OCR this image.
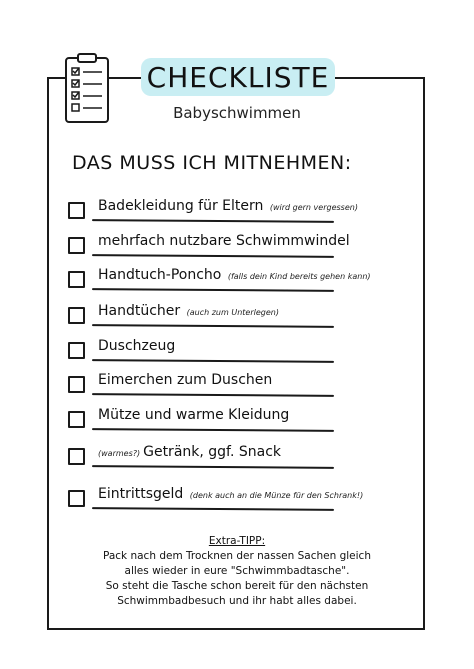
CHECKLISTE
Babyschwimmen
DAS MUSS ICH MITNEHMEN:
Badekleidung für Eltern (wird gern vergessen)
mehrfach nutzbare Schwimmwindel
Handtuch-Poncho (falls dein Kind bereits gehen kann)
Handtücher (auch zum Unterlegen)
Duschzeug
Eimerchen zum Duschen
Mütze und warme Kleidung
(warmes?) Getränk, ggf. Snack
Eintrittsgeld (denk auch an die Münze für den Schrank!)
Extra-TIPP:
Pack nach dem Trocknen der nassen Sachen gleich
alles wieder in eure "Schwimmbadtasche".
So steht die Tasche schon bereit für den nächsten
Schwimmbadbesuch und ihr habt alles dabei.
